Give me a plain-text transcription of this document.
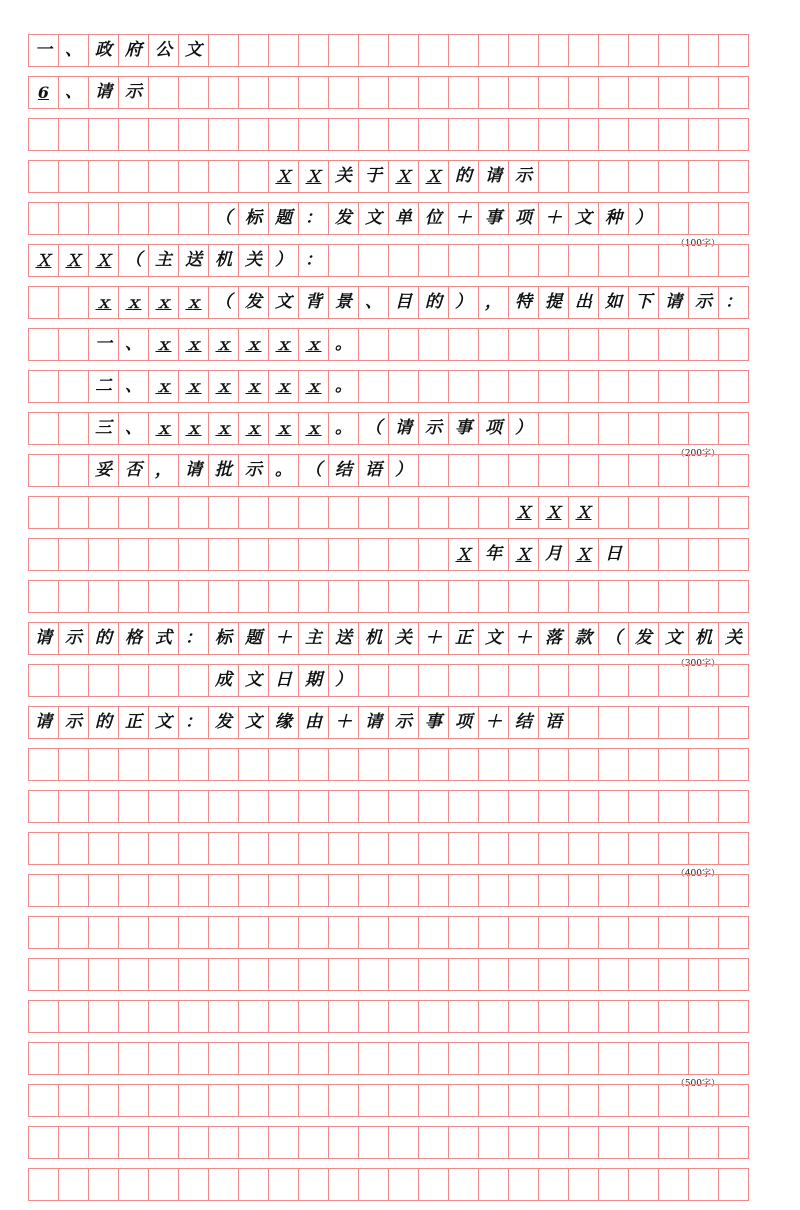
一 、 政 府 公 文
6 、 请 示
Ｘ Ｘ 关 于 Ｘ Ｘ 的 请 示
（ 标 题 ： 发 文 单 位 ＋ 事 项 ＋ 文 种 ）
（100字）
Ｘ Ｘ Ｘ （ 主 送 机 关 ） ：
ｘ ｘ ｘ ｘ （ 发 文 背 景 、 目 的 ） ， 特 提 出 如 下 请 示 ：
一 、 ｘ ｘ ｘ ｘ ｘ ｘ 。
二 、 ｘ ｘ ｘ ｘ ｘ ｘ 。
三 、 ｘ ｘ ｘ ｘ ｘ ｘ 。 （ 请 示 事 项 ）
（200字）
妥 否 ， 请 批 示 。 （ 结 语 ）
Ｘ Ｘ Ｘ
Ｘ 年 Ｘ 月 Ｘ 日
请 示 的 格 式 ： 标 题 ＋ 主 送 机 关 ＋ 正 文 ＋ 落 款 （ 发 文 机 关
（300字）
成 文 日 期 ）
请 示 的 正 文 ： 发 文 缘 由 ＋ 请 示 事 项 ＋ 结 语
（400字）
（500字）
